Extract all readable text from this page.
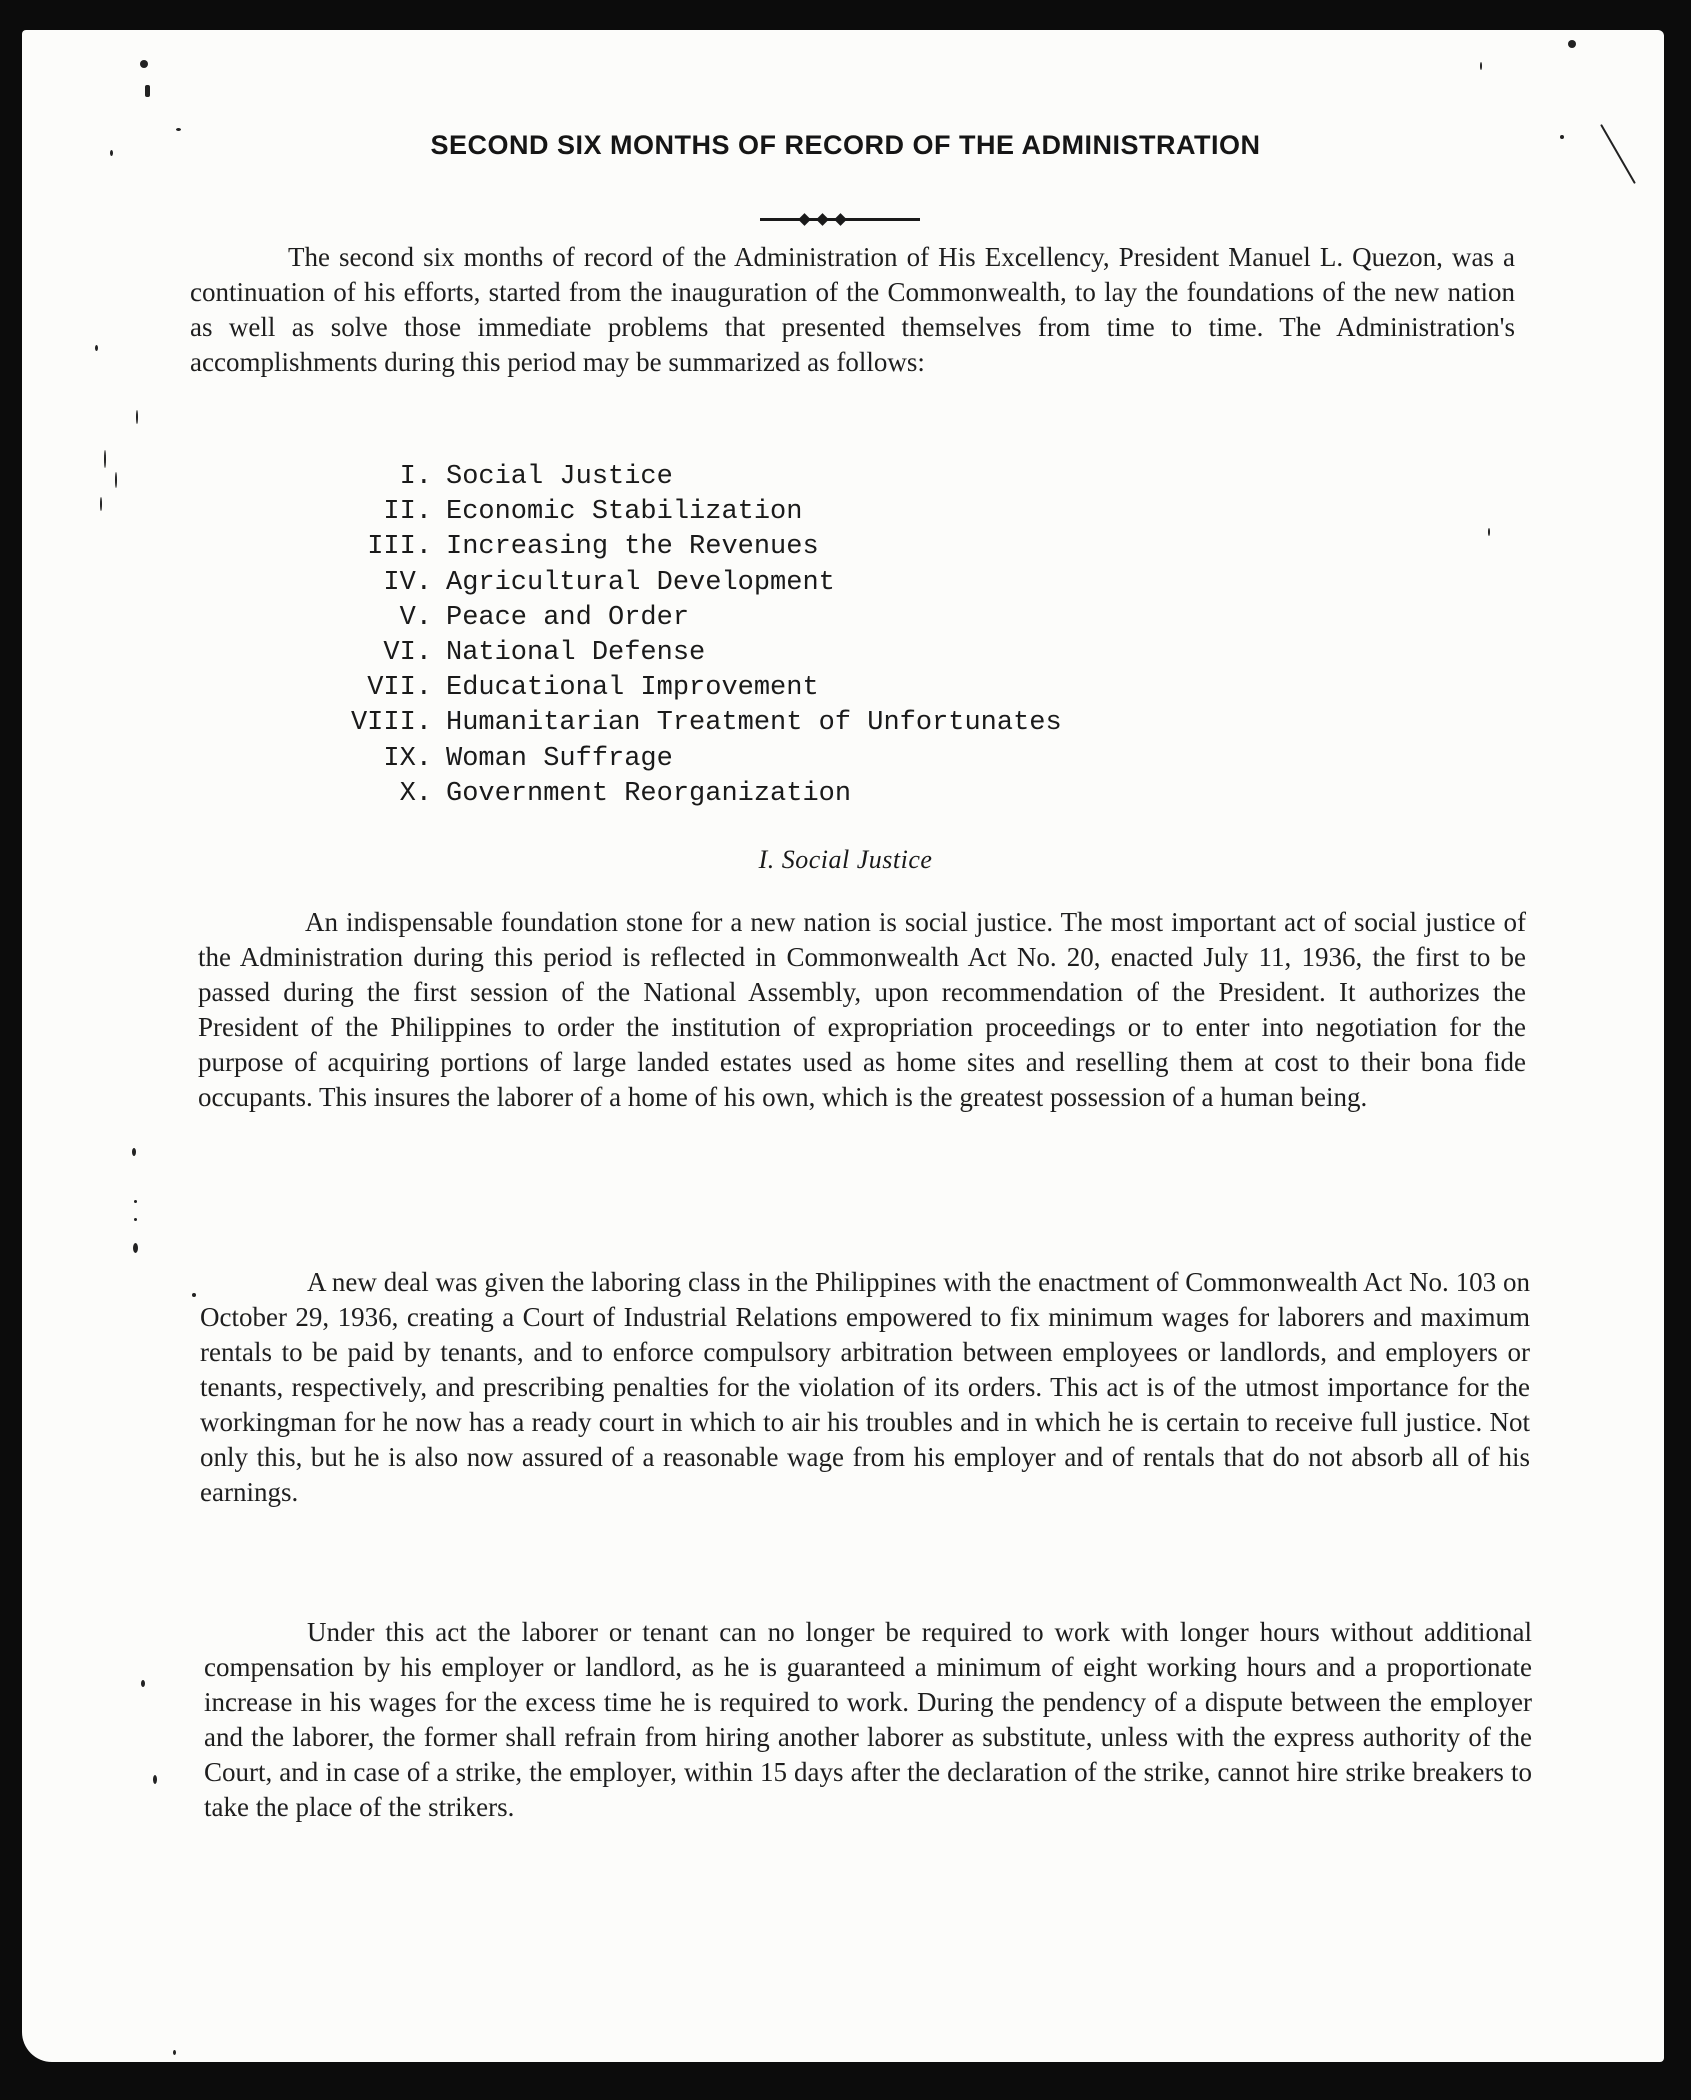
SECOND SIX MONTHS OF RECORD OF THE ADMINISTRATION

The second six months of record of the Administration of His Excellency, President Manuel L. Quezon, was a continuation of his efforts, started from the inauguration of the Commonwealth, to lay the foundations of the new nation as well as solve those immediate problems that presented themselves from time to time. The Administration's accomplishments during this period may be summarized as follows:

I. Social Justice
II. Economic Stabilization
III. Increasing the Revenues
IV. Agricultural Development
V. Peace and Order
VI. National Defense
VII. Educational Improvement
VIII. Humanitarian Treatment of Unfortunates
IX. Woman Suffrage
X. Government Reorganization
I. Social Justice

An indispensable foundation stone for a new nation is social justice. The most important act of social justice of the Administration during this period is reflected in Commonwealth Act No. 20, enacted July 11, 1936, the first to be passed during the first session of the National Assembly, upon recommendation of the President. It authorizes the President of the Philippines to order the institution of expropriation proceedings or to enter into negotiation for the purpose of acquiring portions of large landed estates used as home sites and reselling them at cost to their bona fide occupants. This insures the laborer of a home of his own, which is the greatest possession of a human being.

A new deal was given the laboring class in the Philippines with the enactment of Commonwealth Act No. 103 on October 29, 1936, creating a Court of Industrial Relations empowered to fix minimum wages for laborers and maximum rentals to be paid by tenants, and to enforce compulsory arbitration between employees or landlords, and employers or tenants, respectively, and prescribing penalties for the violation of its orders. This act is of the utmost importance for the workingman for he now has a ready court in which to air his troubles and in which he is certain to receive full justice. Not only this, but he is also now assured of a reasonable wage from his employer and of rentals that do not absorb all of his earnings.

Under this act the laborer or tenant can no longer be required to work with longer hours without additional compensation by his employer or landlord, as he is guaranteed a minimum of eight working hours and a proportionate increase in his wages for the excess time he is required to work. During the pendency of a dispute between the employer and the laborer, the former shall refrain from hiring another laborer as substitute, unless with the express authority of the Court, and in case of a strike, the employer, within 15 days after the declaration of the strike, cannot hire strike breakers to take the place of the strikers.
